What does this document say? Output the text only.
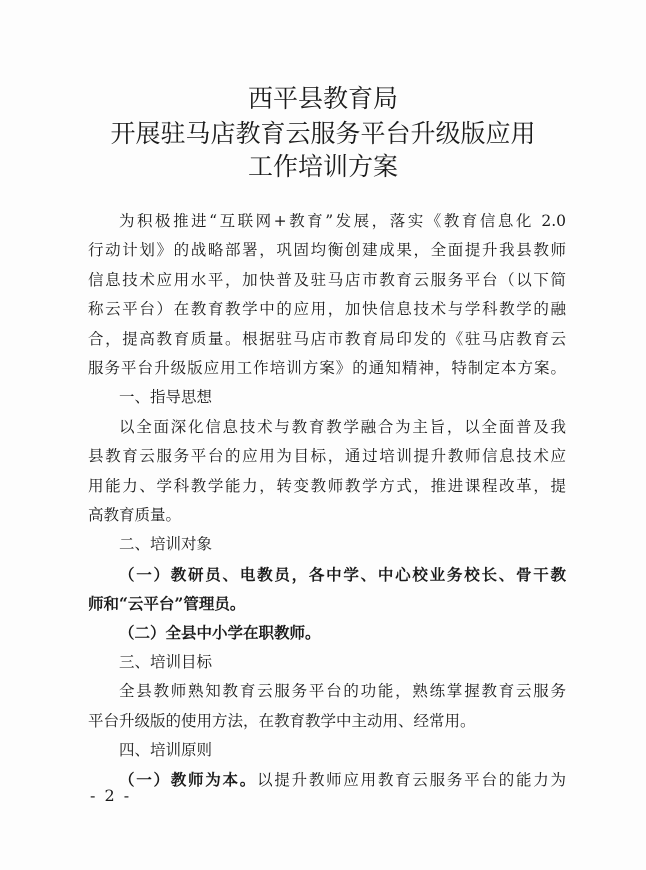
西平县教育局
开展驻马店教育云服务平台升级版应用
工作培训方案
为积极推进“互联网+教育”发展，落实《教育信息化 2.0
行动计划》的战略部署，巩固均衡创建成果，全面提升我县教师
信息技术应用水平，加快普及驻马店市教育云服务平台（以下简
称云平台）在教育教学中的应用，加快信息技术与学科教学的融
合，提高教育质量。根据驻马店市教育局印发的《驻马店教育云
服务平台升级版应用工作培训方案》的通知精神，特制定本方案。
一、指导思想
以全面深化信息技术与教育教学融合为主旨，以全面普及我
县教育云服务平台的应用为目标，通过培训提升教师信息技术应
用能力、学科教学能力，转变教师教学方式，推进课程改革，提
高教育质量。
二、培训对象
（一）教研员、电教员，各中学、中心校业务校长、骨干教
师和“云平台”管理员。
（二）全县中小学在职教师。
三、培训目标
全县教师熟知教育云服务平台的功能，熟练掌握教育云服务
平台升级版的使用方法，在教育教学中主动用、经常用。
四、培训原则
（一）教师为本。以提升教师应用教育云服务平台的能力为
- 2 -
